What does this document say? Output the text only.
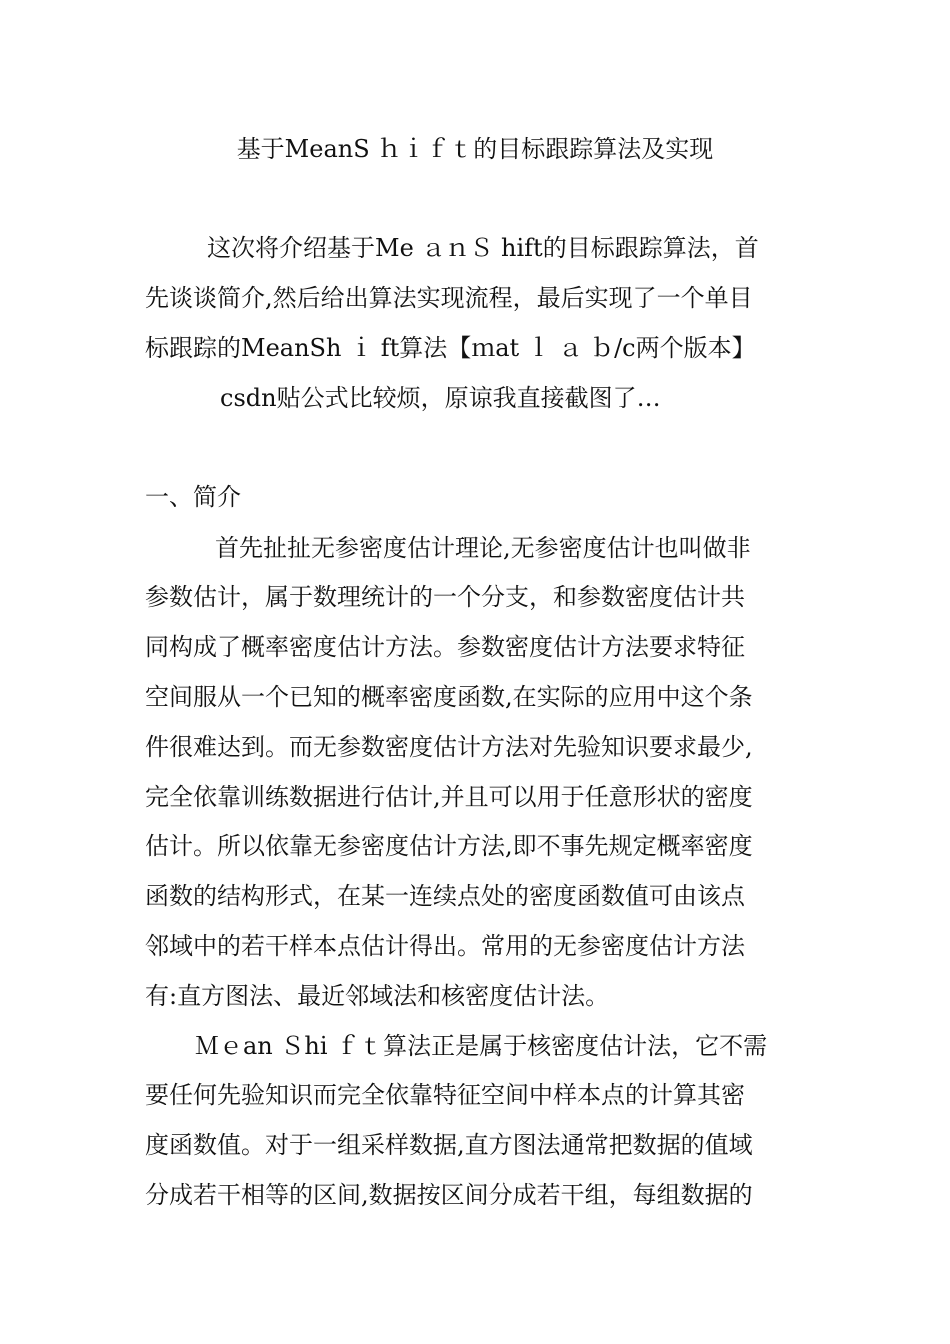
基于MeanS ｈｉｆｔ的目标跟踪算法及实现
这次将介绍基于Me ａｎＳ hift的目标跟踪算法，首
先谈谈简介,然后给出算法实现流程，最后实现了一个单目
标跟踪的MeanSh ｉ ft算法【ｍat ｌ ａ ｂ/c两个版本】
csdn贴公式比较烦，原谅我直接截图了…
一、简介
首先扯扯无参密度估计理论,无参密度估计也叫做非
参数估计，属于数理统计的一个分支，和参数密度估计共
同构成了概率密度估计方法。参数密度估计方法要求特征
空间服从一个已知的概率密度函数,在实际的应用中这个条
件很难达到。而无参数密度估计方法对先验知识要求最少,
完全依靠训练数据进行估计,并且可以用于任意形状的密度
估计。所以依靠无参密度估计方法,即不事先规定概率密度
函数的结构形式，在某一连续点处的密度函数值可由该点
邻域中的若干样本点估计得出。常用的无参密度估计方法
有:直方图法、最近邻域法和核密度估计法。
Ｍｅan Ｓhi ｆｔ算法正是属于核密度估计法，它不需
要任何先验知识而完全依靠特征空间中样本点的计算其密
度函数值。对于一组采样数据,直方图法通常把数据的值域
分成若干相等的区间,数据按区间分成若干组，每组数据的
